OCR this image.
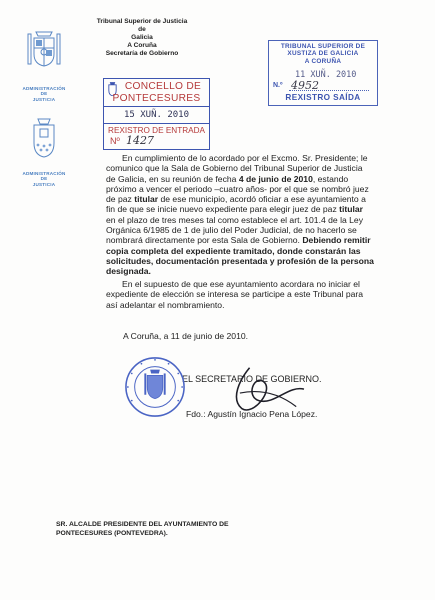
ADMINISTRACIÓN
DE
JUSTICIA
ADMINISTRACIÓN
DE
JUSTICIA
Tribunal Superior de Justicia
de
Galicia
A Coruña
Secretaría de Gobierno
TRIBUNAL SUPERIOR DE
XUSTIZA DE GALICIA
A CORUÑA
11 XUÑ. 2010
N.º 4952
REXISTRO SAÍDA
CONCELLO DE
PONTECESURES
15 XUÑ. 2010
REXISTRO DE ENTRADA
Nº 1427
En cumplimiento de lo acordado por el Excmo. Sr. Presidente; le
comunico que la Sala de Gobierno del Tribunal Superior de Justicia
de Galicia, en su reunión de fecha 4 de junio de 2010, estando
próximo a vencer el periodo –cuatro años- por el que se nombró juez
de paz titular de ese municipio, acordó oficiar a ese ayuntamiento a
fin de que se inicie nuevo expediente para elegir juez de paz titular
en el plazo de tres meses tal como establece el art. 101.4 de la Ley
Orgánica 6/1985 de 1 de julio del Poder Judicial, de no hacerlo se
nombrará directamente por esta Sala de Gobierno. Debiendo remitir
copia completa del expediente tramitado, donde constarán las
solicitudes, documentación presentada y profesión de la persona
designada.
En el supuesto de que ese ayuntamiento acordara no iniciar el
expediente de elección se interesa se participe a este Tribunal para
así adelantar el nombramiento.
A Coruña, a 11 de junio de 2010.
EL SECRETARIO DE GOBIERNO.
Fdo.: Agustín Ignacio Pena López.
SR. ALCALDE PRESIDENTE DEL AYUNTAMIENTO DE
PONTECESURES (PONTEVEDRA).
